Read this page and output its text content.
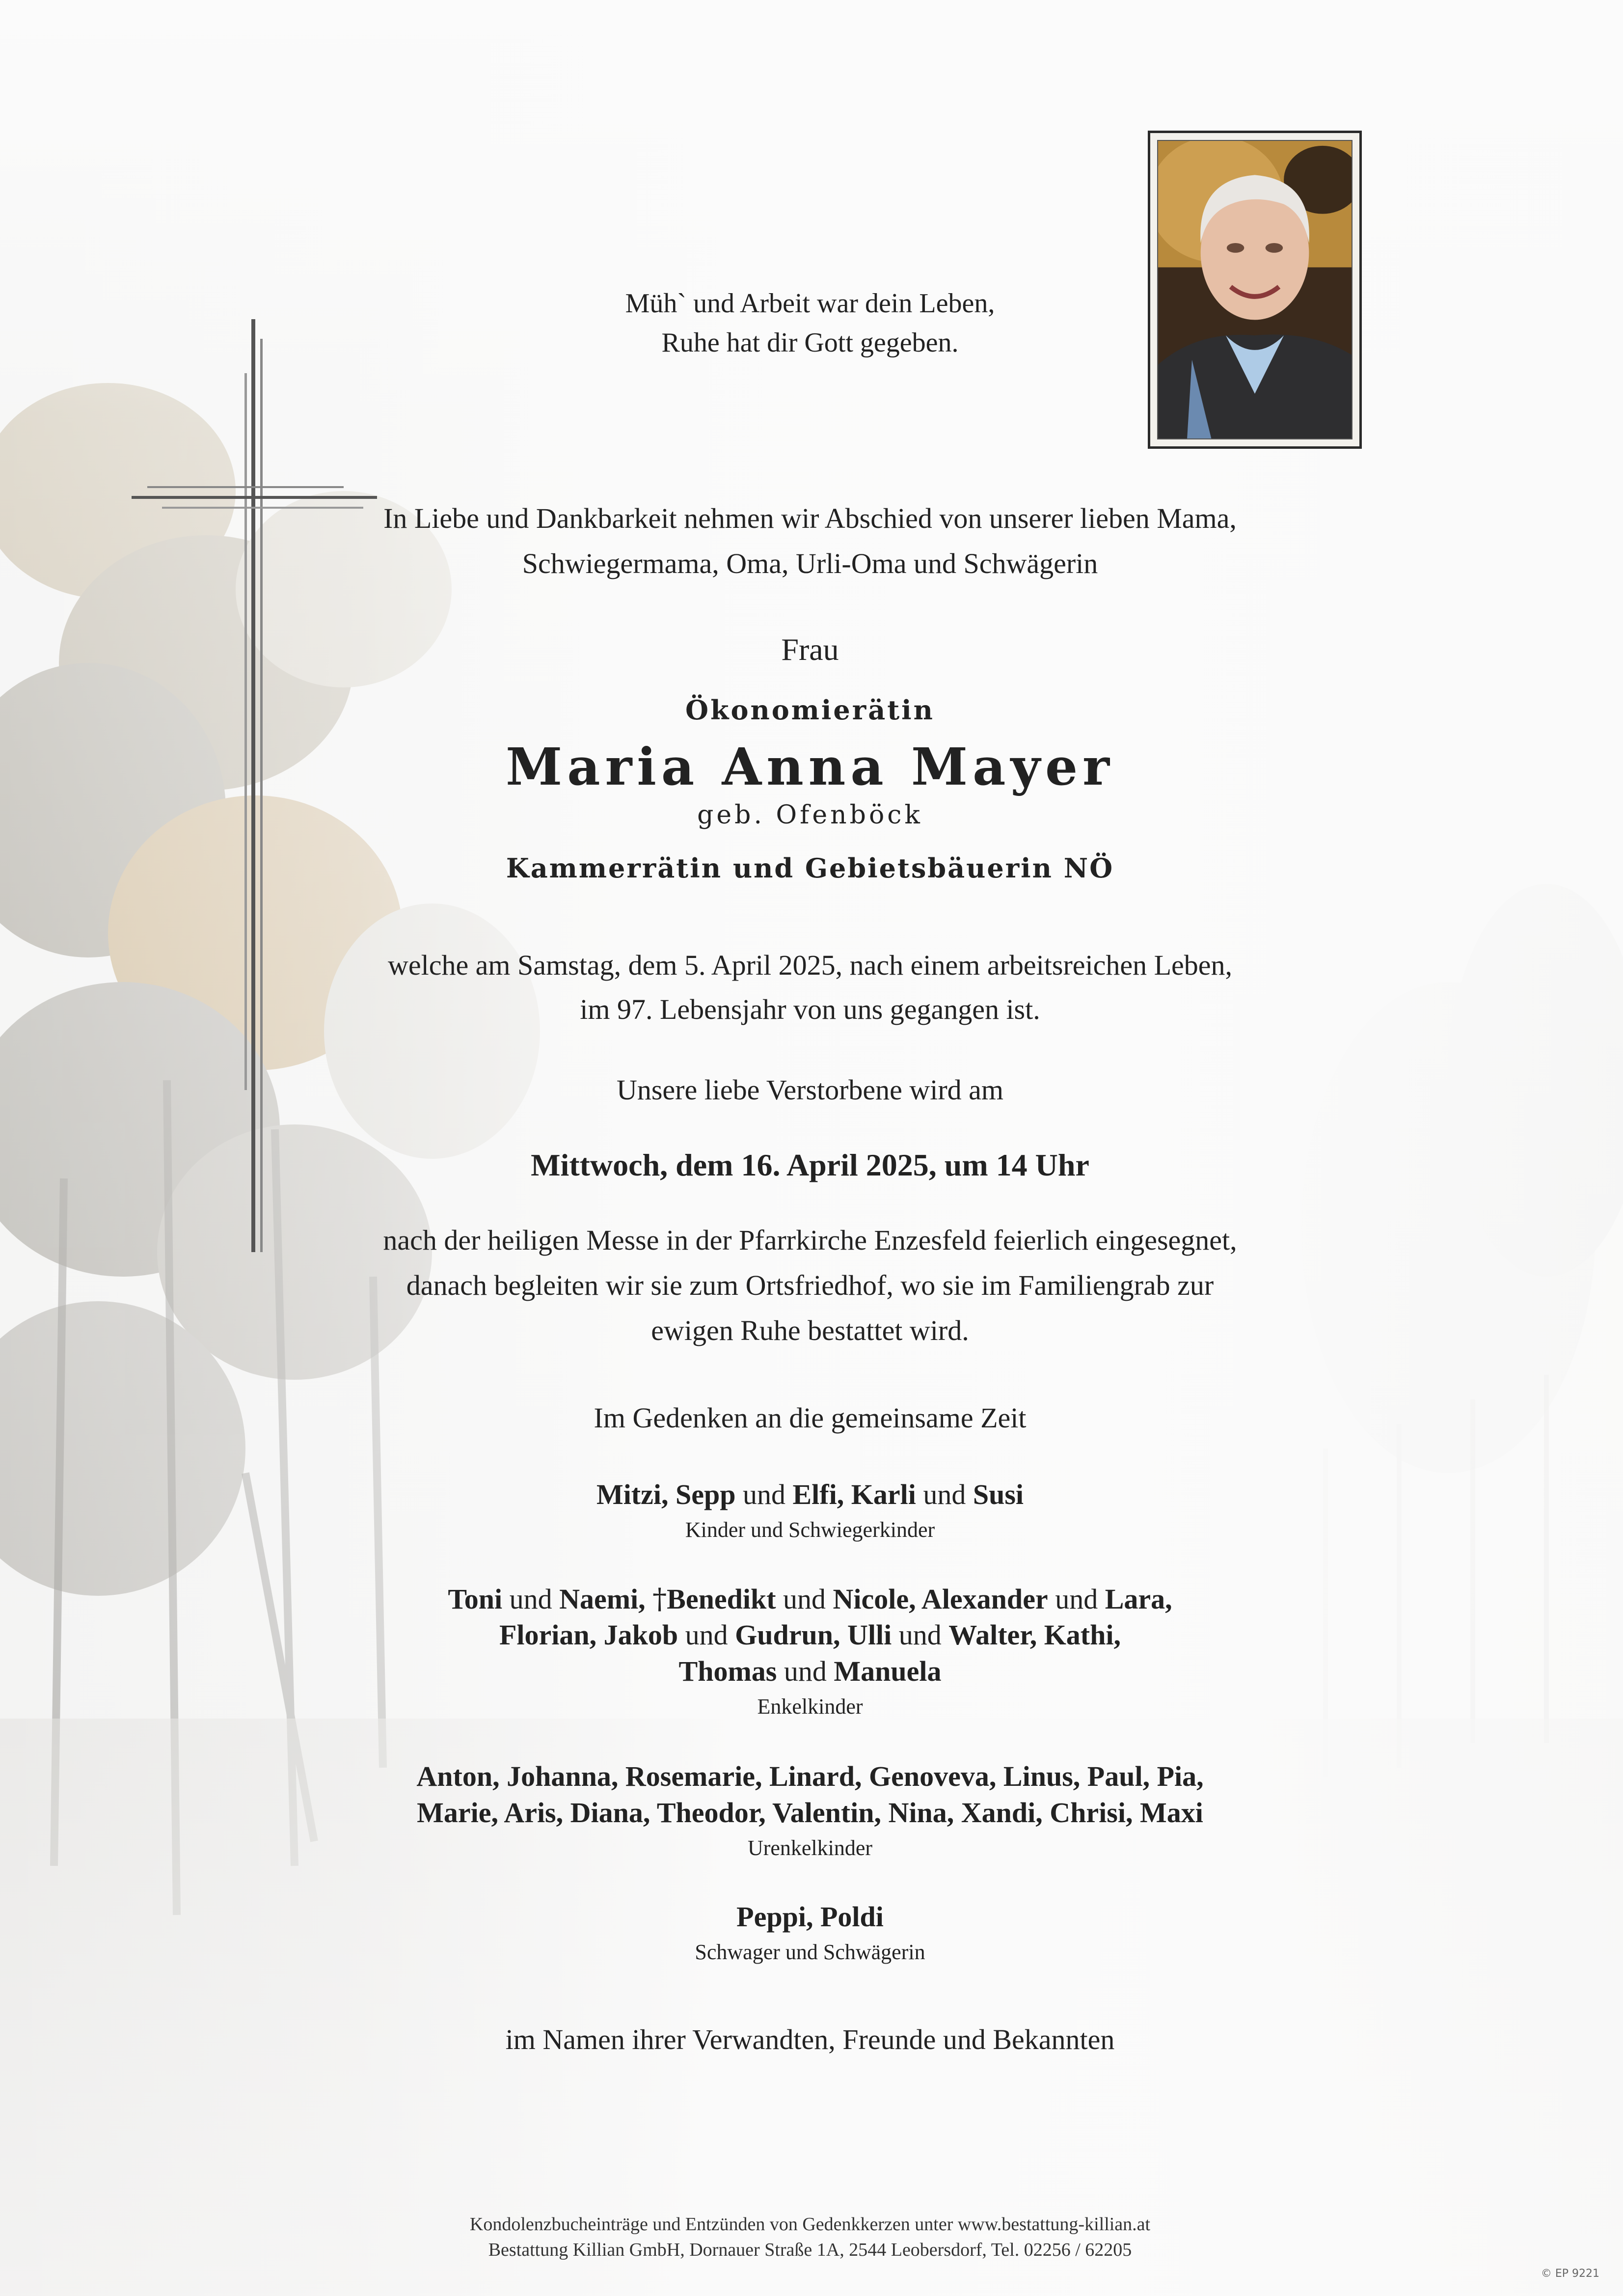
Müh` und Arbeit war dein Leben,
Ruhe hat dir Gott gegeben.
In Liebe und Dankbarkeit nehmen wir Abschied von unserer lieben Mama,
Schwiegermama, Oma, Urli-Oma und Schwägerin
Frau
Ökonomierätin
Maria Anna Mayer
geb. Ofenböck
Kammerrätin und Gebietsbäuerin NÖ
welche am Samstag, dem 5. April 2025, nach einem arbeitsreichen Leben,
im 97. Lebensjahr von uns gegangen ist.
Unsere liebe Verstorbene wird am
Mittwoch, dem 16. April 2025, um 14 Uhr
nach der heiligen Messe in der Pfarrkirche Enzesfeld feierlich eingesegnet,
danach begleiten wir sie zum Ortsfriedhof, wo sie im Familiengrab zur
ewigen Ruhe bestattet wird.
Im Gedenken an die gemeinsame Zeit
Mitzi, Sepp und Elfi, Karli und Susi
Kinder und Schwiegerkinder
Toni und Naemi, †Benedikt und Nicole, Alexander und Lara,
Florian, Jakob und Gudrun, Ulli und Walter, Kathi,
Thomas und Manuela
Enkelkinder
Anton, Johanna, Rosemarie, Linard, Genoveva, Linus, Paul, Pia,
Marie, Aris, Diana, Theodor, Valentin, Nina, Xandi, Chrisi, Maxi
Urenkelkinder
Peppi, Poldi
Schwager und Schwägerin
im Namen ihrer Verwandten, Freunde und Bekannten
Kondolenzbucheinträge und Entzünden von Gedenkkerzen unter www.bestattung-killian.at
Bestattung Killian GmbH, Dornauer Straße 1A, 2544 Leobersdorf, Tel. 02256 / 62205
© EP 9221
